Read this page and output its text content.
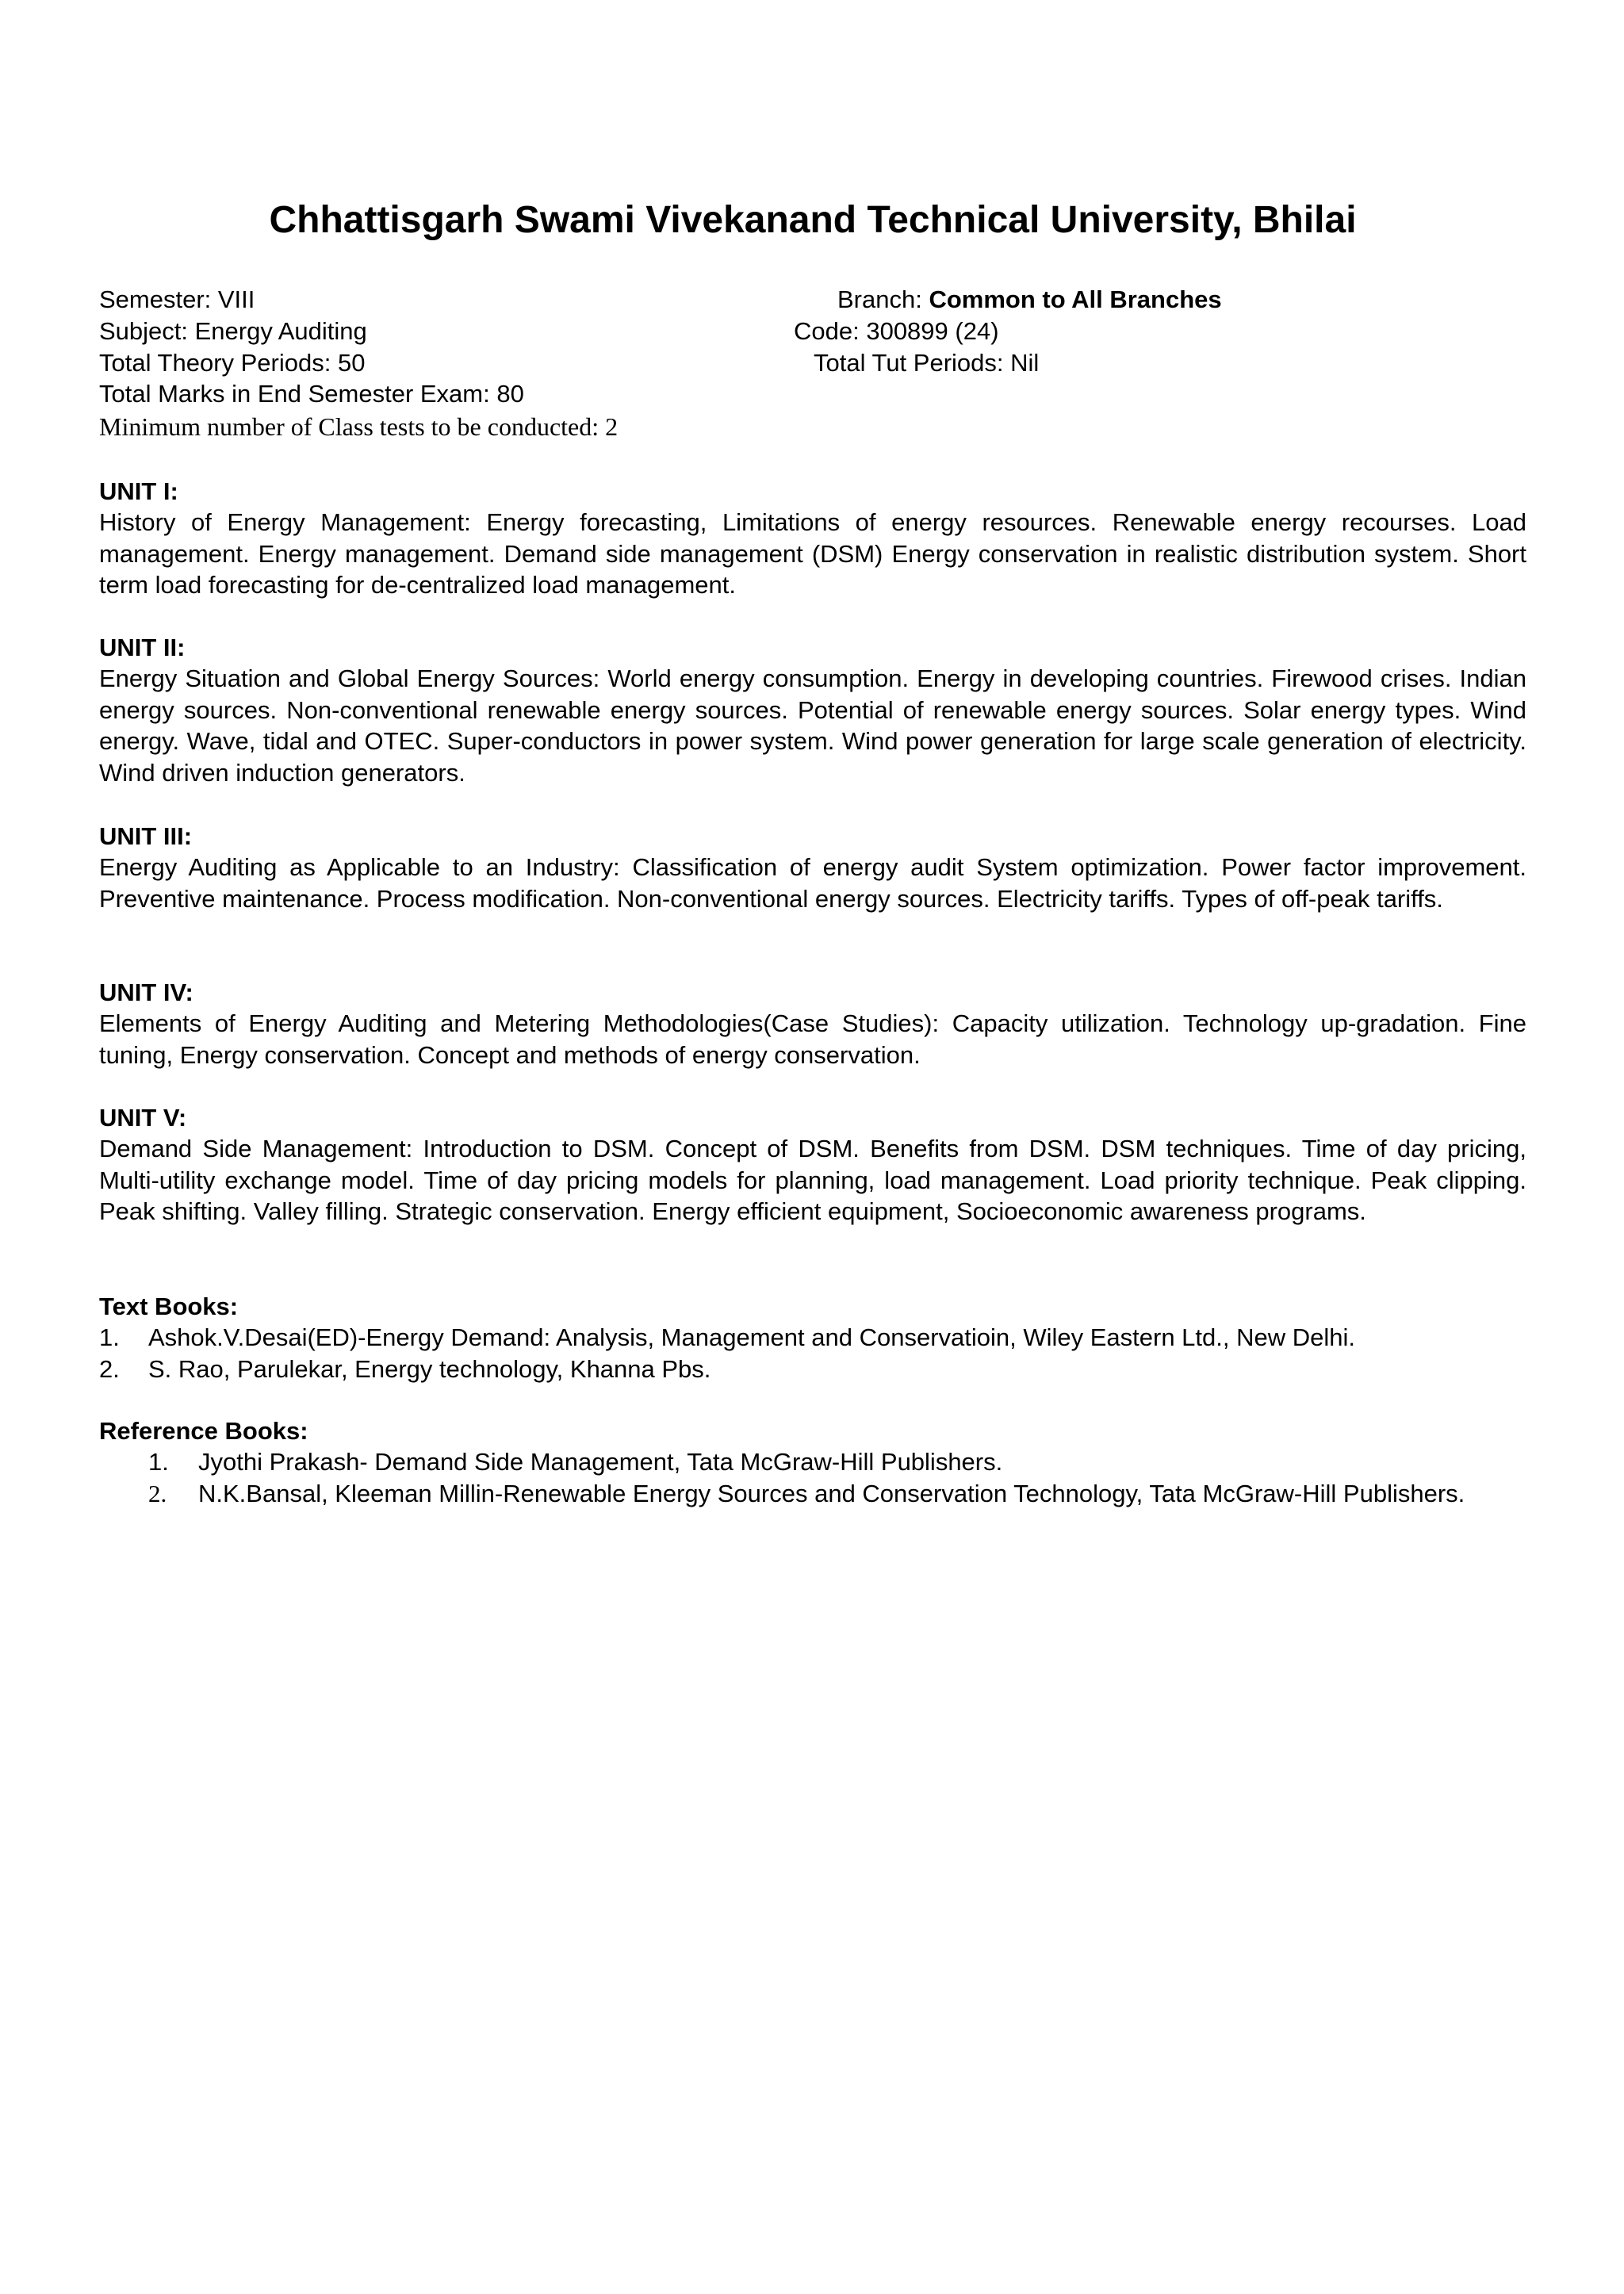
Chhattisgarh Swami Vivekanand Technical University, Bhilai
Semester: VIII	Branch: Common to All Branches
Subject: Energy Auditing	Code: 300899 (24)
Total Theory Periods: 50	Total Tut Periods: Nil
Total Marks in End Semester Exam: 80
Minimum number of Class tests to be conducted: 2
UNIT I:
History of Energy Management: Energy forecasting, Limitations of energy resources. Renewable energy recourses. Load management. Energy management. Demand side management (DSM) Energy conservation in realistic distribution system. Short term load forecasting for de-centralized load management.
UNIT II:
Energy Situation and Global Energy Sources: World energy consumption. Energy in developing countries. Firewood crises. Indian energy sources. Non-conventional renewable energy sources. Potential of renewable energy sources. Solar energy types. Wind energy. Wave, tidal and OTEC. Super-conductors in power system. Wind power generation for large scale generation of electricity. Wind driven induction generators.
UNIT III:
Energy Auditing as Applicable to an Industry: Classification of energy audit System optimization. Power factor improvement. Preventive maintenance. Process modification. Non-conventional energy sources. Electricity tariffs. Types of off-peak tariffs.
UNIT IV:
Elements of Energy Auditing and Metering Methodologies(Case Studies): Capacity utilization. Technology up-gradation. Fine tuning, Energy conservation. Concept and methods of energy conservation.
UNIT V:
Demand Side Management: Introduction to DSM. Concept of DSM. Benefits from DSM. DSM techniques. Time of day pricing, Multi-utility exchange model. Time of day pricing models for planning, load management. Load priority technique. Peak clipping. Peak shifting. Valley filling. Strategic conservation. Energy efficient equipment, Socioeconomic awareness programs.
Text Books:
1. Ashok.V.Desai(ED)-Energy Demand: Analysis, Management and Conservatioin, Wiley Eastern Ltd., New Delhi.
2. S. Rao, Parulekar, Energy technology, Khanna Pbs.
Reference Books:
1. Jyothi Prakash- Demand Side Management, Tata McGraw-Hill Publishers.
2. N.K.Bansal, Kleeman Millin-Renewable Energy Sources and Conservation Technology, Tata McGraw-Hill Publishers.
